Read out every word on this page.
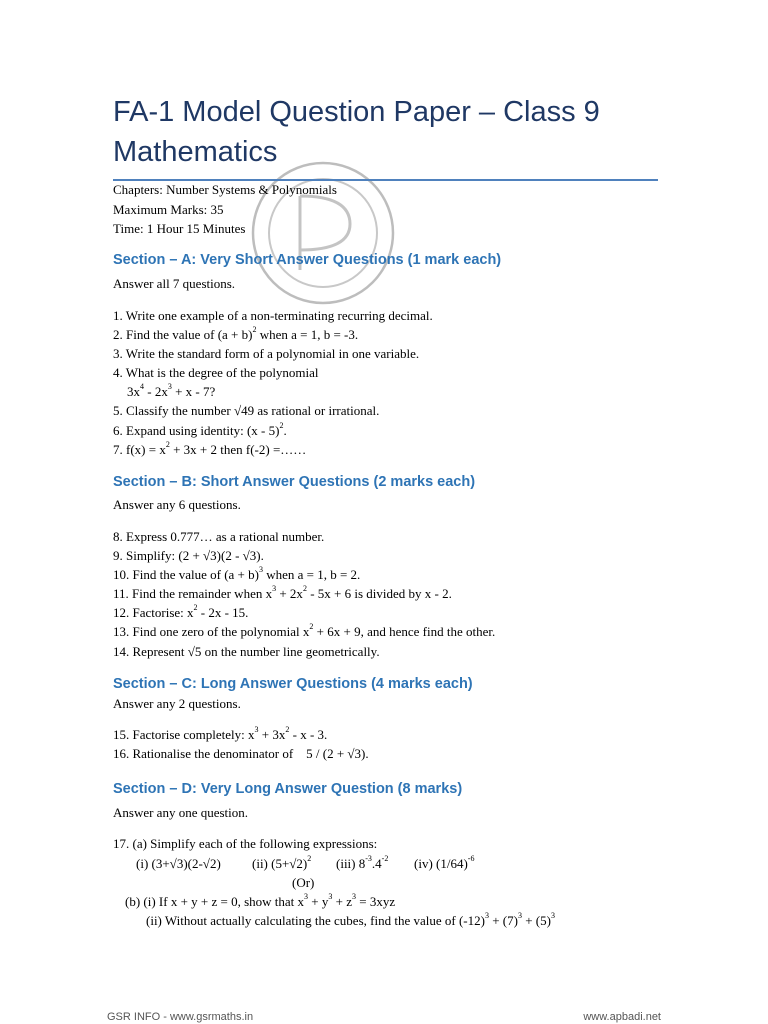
FA-1 Model Question Paper – Class 9
Mathematics
Chapters: Number Systems & Polynomials
Maximum Marks: 35
Time: 1 Hour 15 Minutes
Section – A: Very Short Answer Questions (1 mark each)
Answer all 7 questions.
1. Write one example of a non-terminating recurring decimal.
2. Find the value of $(a + b)^2$ when a = 1, b = -3.
3. Write the standard form of a polynomial in one variable.
4. What is the degree of the polynomial
$3x^4 - 2x^3 + x - 7$?
5. Classify the number √49 as rational or irrational.
6. Expand using identity: (x - 5)$^2$.
7. $f(x) = x^2 + 3x + 2$ then f(-2) =……
Section – B: Short Answer Questions (2 marks each)
Answer any 6 questions.
8. Express 0.777… as a rational number.
9. Simplify: (2 + √3)(2 - √3).
10. Find the value of $(a + b)^3$ when a = 1, b = 2.
11. Find the remainder when $x^3 + 2x^2 - 5x + 6$ is divided by x - 2.
12. Factorise: $x^2 - 2x - 15$.
13. Find one zero of the polynomial $x^2 + 6x + 9$, and hence find the other.
14. Represent √5 on the number line geometrically.
Section – C: Long Answer Questions (4 marks each)
Answer any 2 questions.
15. Factorise completely: $x^3 + 3x^2 - x - 3$.
16. Rationalise the denominator of    5 / (2 + √3).
Section – D: Very Long Answer Question (8 marks)
Answer any one question.
17. (a) Simplify each of the following expressions:
(i) (3+√3)(2-√2) (ii) $(5+√2)^2$ (iii) $8^{-3}.4^{-2}$ (iv) $(1/64)^{-6}$
(Or)
(b) (i) If x + y + z = 0, show that $x^3 + y^3 + z^3 = 3xyz$
(ii) Without actually calculating the cubes, find the value of $(-12)^3 + (7)^3 + (5)^3$
GSR INFO - www.gsrmaths.in	www.apbadi.net
